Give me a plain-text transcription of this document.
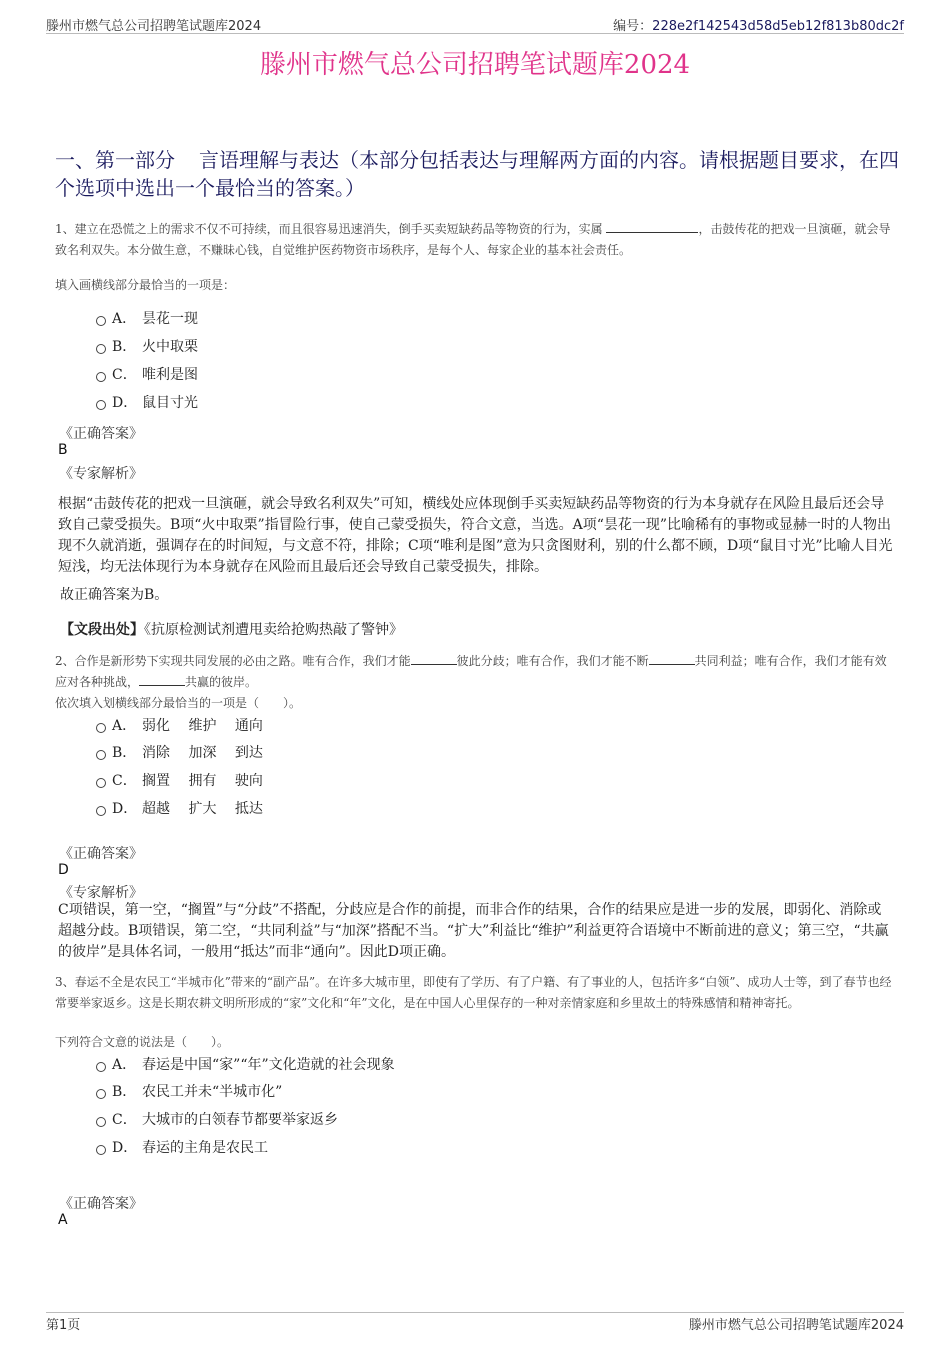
滕州市燃气总公司招聘笔试题库2024	编号：228e2f142543d58d5eb12f813b80dc2f
滕州市燃气总公司招聘笔试题库2024
一、第一部分 言语理解与表达（本部分包括表达与理解两方面的内容。请根据题目要求，在四个选项中选出一个最恰当的答案。）
1、建立在恐慌之上的需求不仅不可持续，而且很容易迅速消失，倒手买卖短缺药品等物资的行为，实属	，击鼓传花的把戏一旦演砸，就会导致名利双失。本分做生意，不赚昧心钱，自觉维护医药物资市场秩序，是每个人、每家企业的基本社会责任。
填入画横线部分最恰当的一项是：
A． 昙花一现
B． 火中取栗
C． 唯利是图
D． 鼠目寸光
《正确答案》
B
《专家解析》
根据“击鼓传花的把戏一旦演砸，就会导致名利双失”可知，横线处应体现倒手买卖短缺药品等物资的行为本身就存在风险且最后还会导致自己蒙受损失。B项“火中取栗”指冒险行事，使自己蒙受损失，符合文意，当选。A项“昙花一现”比喻稀有的事物或显赫一时的人物出现不久就消逝，强调存在的时间短，与文意不符，排除；C项“唯利是图”意为只贪图财利，别的什么都不顾，D项“鼠目寸光”比喻人目光短浅，均无法体现行为本身就存在风险而且最后还会导致自己蒙受损失，排除。
故正确答案为B。
【文段出处】《抗原检测试剂遭甩卖给抢购热敲了警钟》
2、合作是新形势下实现共同发展的必由之路。唯有合作，我们才能	彼此分歧；唯有合作，我们才能不断	共同利益；唯有合作，我们才能有效应对各种挑战，	共赢的彼岸。
依次填入划横线部分最恰当的一项是（　　）。
A． 弱化　 维护　 通向
B． 消除　 加深　 到达
C． 搁置　 拥有　 驶向
D． 超越　 扩大　 抵达
《正确答案》
D
《专家解析》
C项错误，第一空，“搁置”与“分歧”不搭配，分歧应是合作的前提，而非合作的结果，合作的结果应是进一步的发展，即弱化、消除或超越分歧。B项错误，第二空，“共同利益”与“加深”搭配不当。“扩大”利益比“维护”利益更符合语境中不断前进的意义；第三空，“共赢的彼岸”是具体名词，一般用“抵达”而非“通向”。因此D项正确。
3、春运不全是农民工“半城市化”带来的“副产品”。在许多大城市里，即使有了学历、有了户籍、有了事业的人，包括许多“白领”、成功人士等，到了春节也经常要举家返乡。这是长期农耕文明所形成的“家”文化和“年”文化，是在中国人心里保存的一种对亲情家庭和乡里故土的特殊感情和精神寄托。
下列符合文意的说法是（　　）。
A． 春运是中国“家”“年”文化造就的社会现象
B． 农民工并未“半城市化”
C． 大城市的白领春节都要举家返乡
D． 春运的主角是农民工
《正确答案》
A
第1页	滕州市燃气总公司招聘笔试题库2024
